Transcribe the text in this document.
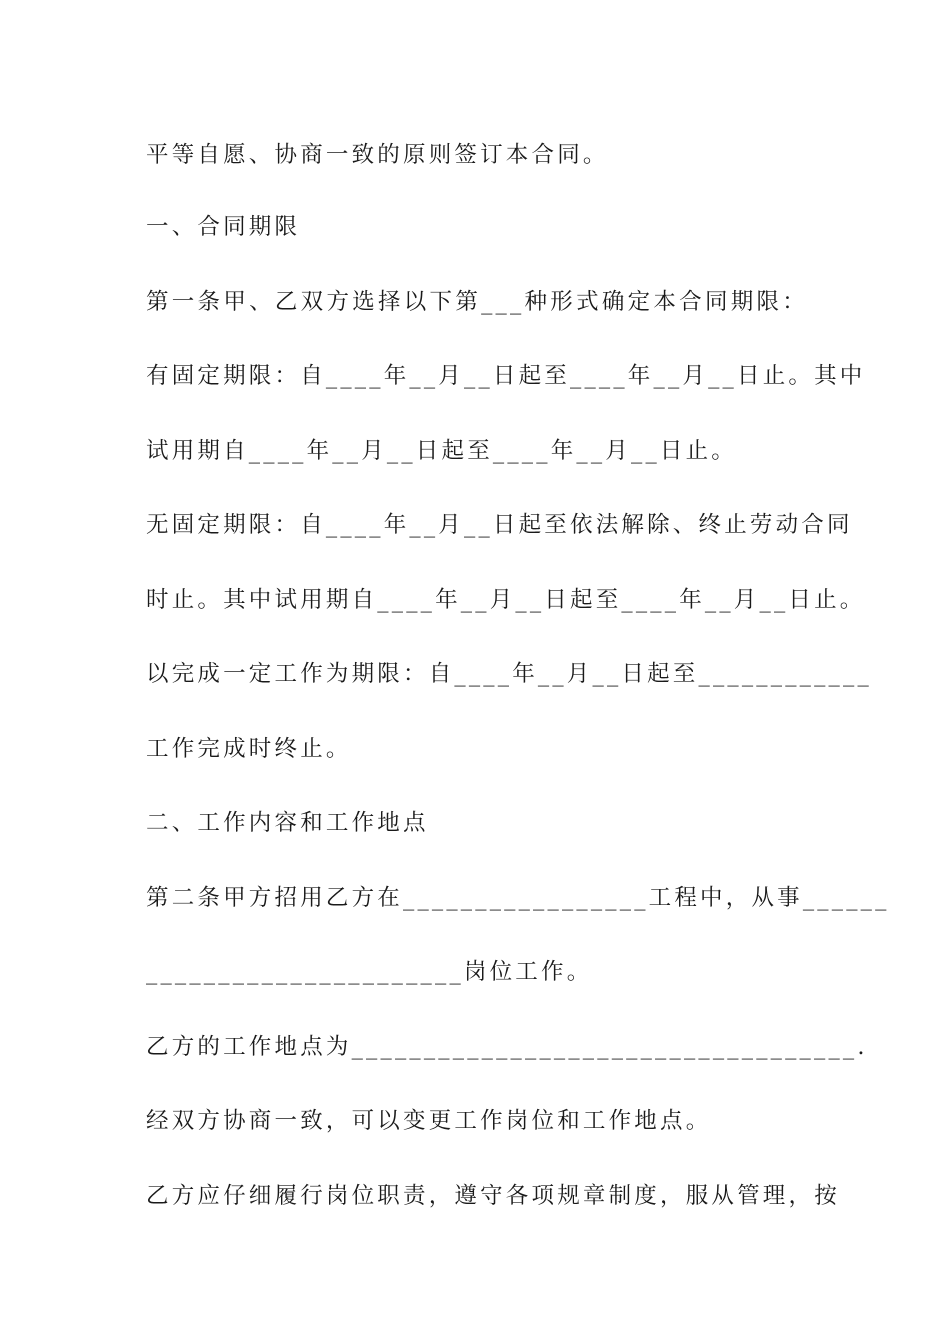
平等自愿、协商一致的原则签订本合同。
一、合同期限
第一条甲、乙双方选择以下第___种形式确定本合同期限：
有固定期限：自____年__月__日起至____年__月__日止。其中
试用期自____年__月__日起至____年__月__日止。
无固定期限：自____年__月__日起至依法解除、终止劳动合同
时止。其中试用期自____年__月__日起至____年__月__日止。
以完成一定工作为期限：自____年__月__日起至____________
工作完成时终止。
二、工作内容和工作地点
第二条甲方招用乙方在_________________工程中，从事______
______________________岗位工作。
乙方的工作地点为___________________________________.
经双方协商一致，可以变更工作岗位和工作地点。
乙方应仔细履行岗位职责，遵守各项规章制度，服从管理，按
